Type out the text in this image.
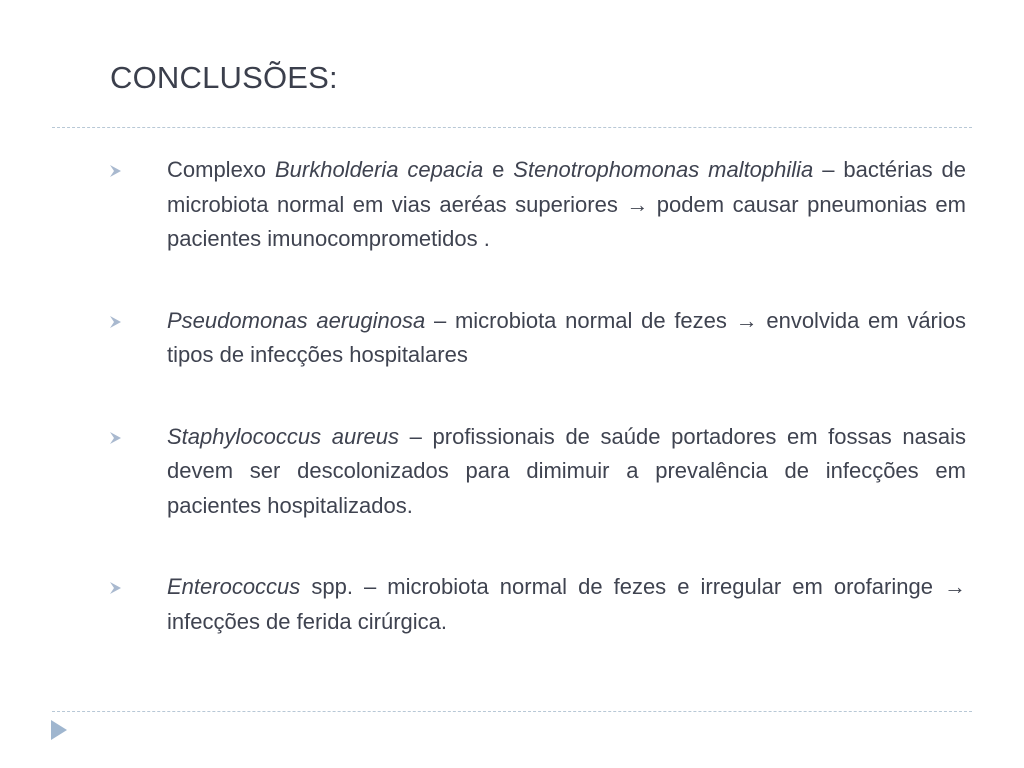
CONCLUSÕES:
Complexo Burkholderia cepacia e Stenotrophomonas maltophilia – bactérias de microbiota normal em vias aeréas superiores → podem causar pneumonias em pacientes imunocomprometidos .
Pseudomonas aeruginosa – microbiota normal de fezes → envolvida em vários tipos de infecções hospitalares
Staphylococcus aureus – profissionais de saúde portadores em fossas nasais devem ser descolonizados para dimimuir a prevalência de infecções em pacientes hospitalizados.
Enterococcus spp. – microbiota normal de fezes e irregular em orofaringe → infecções de ferida cirúrgica.
